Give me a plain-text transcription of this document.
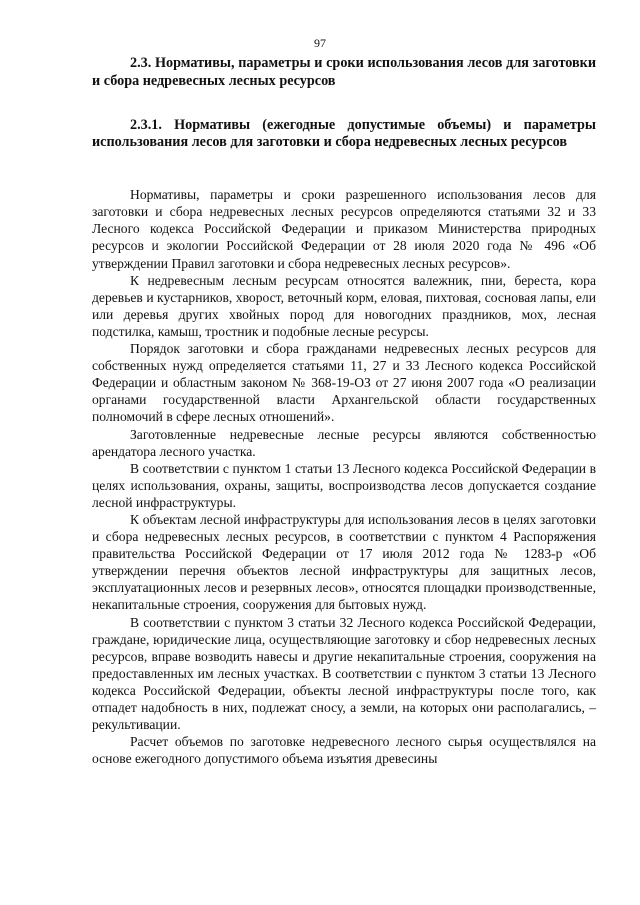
97

2.3. Нормативы, параметры и сроки использования лесов для заготовки и сбора недревесных лесных ресурсов

2.3.1. Нормативы (ежегодные допустимые объемы) и параметры использования лесов для заготовки и сбора недревесных лесных ресурсов

Нормативы, параметры и сроки разрешенного использования лесов для заготовки и сбора недревесных лесных ресурсов определяются статьями 32 и 33 Лесного кодекса Российской Федерации и приказом Министерства природных ресурсов и экологии Российской Федерации от 28 июля 2020 года № 496 «Об утверждении Правил заготовки и сбора недревесных лесных ресурсов».

К недревесным лесным ресурсам относятся валежник, пни, береста, кора деревьев и кустарников, хворост, веточный корм, еловая, пихтовая, сосновая лапы, ели или деревья других хвойных пород для новогодних праздников, мох, лесная подстилка, камыш, тростник и подобные лесные ресурсы.

Порядок заготовки и сбора гражданами недревесных лесных ресурсов для собственных нужд определяется статьями 11, 27 и 33 Лесного кодекса Российской Федерации и областным законом № 368-19-ОЗ от 27 июня 2007 года «О реализации органами государственной власти Архангельской области государственных полномочий в сфере лесных отношений».

Заготовленные недревесные лесные ресурсы являются собственностью арендатора лесного участка.

В соответствии с пунктом 1 статьи 13 Лесного кодекса Российской Федерации в целях использования, охраны, защиты, воспроизводства лесов допускается создание лесной инфраструктуры.

К объектам лесной инфраструктуры для использования лесов в целях заготовки и сбора недревесных лесных ресурсов, в соответствии с пунктом 4 Распоряжения правительства Российской Федерации от 17 июля 2012 года № 1283-р «Об утверждении перечня объектов лесной инфраструктуры для защитных лесов, эксплуатационных лесов и резервных лесов», относятся площадки производственные, некапитальные строения, сооружения для бытовых нужд.

В соответствии с пунктом 3 статьи 32 Лесного кодекса Российской Федерации, граждане, юридические лица, осуществляющие заготовку и сбор недревесных лесных ресурсов, вправе возводить навесы и другие некапитальные строения, сооружения на предоставленных им лесных участках. В соответствии с пунктом 3 статьи 13 Лесного кодекса Российской Федерации, объекты лесной инфраструктуры после того, как отпадет надобность в них, подлежат сносу, а земли, на которых они располагались, – рекультивации.

Расчет объемов по заготовке недревесного лесного сырья осуществлялся на основе ежегодного допустимого объема изъятия древесины
